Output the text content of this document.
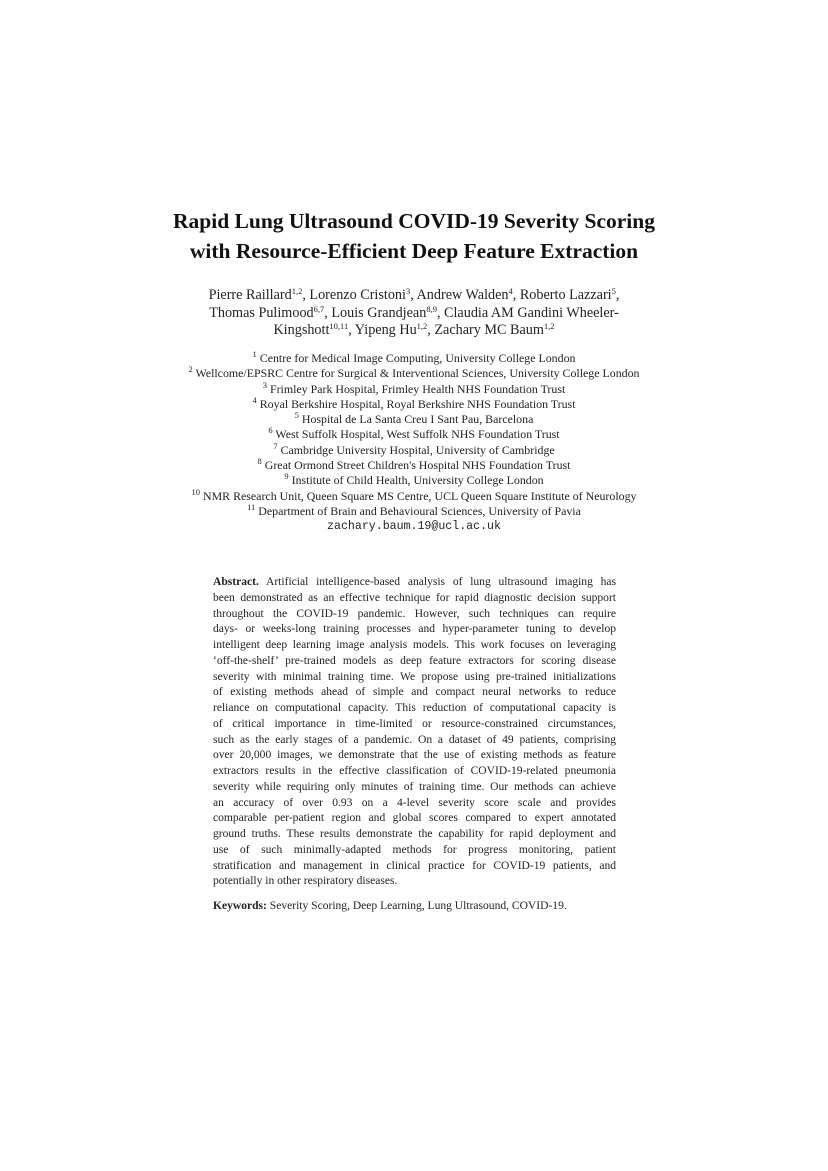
Rapid Lung Ultrasound COVID-19 Severity Scoring
with Resource-Efficient Deep Feature Extraction
Pierre Raillard$^{1,2}$, Lorenzo Cristoni$^3$, Andrew Walden$^4$, Roberto Lazzari$^5$,
Thomas Pulimood$^{6,7}$, Louis Grandjean$^{8,9}$, Claudia AM Gandini Wheeler-
Kingshott$^{10,11}$, Yipeng Hu$^{1,2}$, Zachary MC Baum$^{1,2}$
$^1$ Centre for Medical Image Computing, University College London
$^2$ Wellcome/EPSRC Centre for Surgical & Interventional Sciences, University College London
$^3$ Frimley Park Hospital, Frimley Health NHS Foundation Trust
$^4$ Royal Berkshire Hospital, Royal Berkshire NHS Foundation Trust
$^5$ Hospital de La Santa Creu I Sant Pau, Barcelona
$^6$ West Suffolk Hospital, West Suffolk NHS Foundation Trust
$^7$ Cambridge University Hospital, University of Cambridge
$^8$ Great Ormond Street Children's Hospital NHS Foundation Trust
$^9$ Institute of Child Health, University College London
$^{10}$ NMR Research Unit, Queen Square MS Centre, UCL Queen Square Institute of Neurology
$^{11}$ Department of Brain and Behavioural Sciences, University of Pavia
zachary.baum.19@ucl.ac.uk
Abstract. Artificial intelligence-based analysis of lung ultrasound imaging has
been demonstrated as an effective technique for rapid diagnostic decision support
throughout the COVID-19 pandemic. However, such techniques can require
days- or weeks-long training processes and hyper-parameter tuning to develop
intelligent deep learning image analysis models. This work focuses on leveraging
‘off-the-shelf’ pre-trained models as deep feature extractors for scoring disease
severity with minimal training time. We propose using pre-trained initializations
of existing methods ahead of simple and compact neural networks to reduce
reliance on computational capacity. This reduction of computational capacity is
of critical importance in time-limited or resource-constrained circumstances,
such as the early stages of a pandemic. On a dataset of 49 patients, comprising
over 20,000 images, we demonstrate that the use of existing methods as feature
extractors results in the effective classification of COVID-19-related pneumonia
severity while requiring only minutes of training time. Our methods can achieve
an accuracy of over 0.93 on a 4-level severity score scale and provides
comparable per-patient region and global scores compared to expert annotated
ground truths. These results demonstrate the capability for rapid deployment and
use of such minimally-adapted methods for progress monitoring, patient
stratification and management in clinical practice for COVID-19 patients, and
potentially in other respiratory diseases.
Keywords: Severity Scoring, Deep Learning, Lung Ultrasound, COVID-19.
